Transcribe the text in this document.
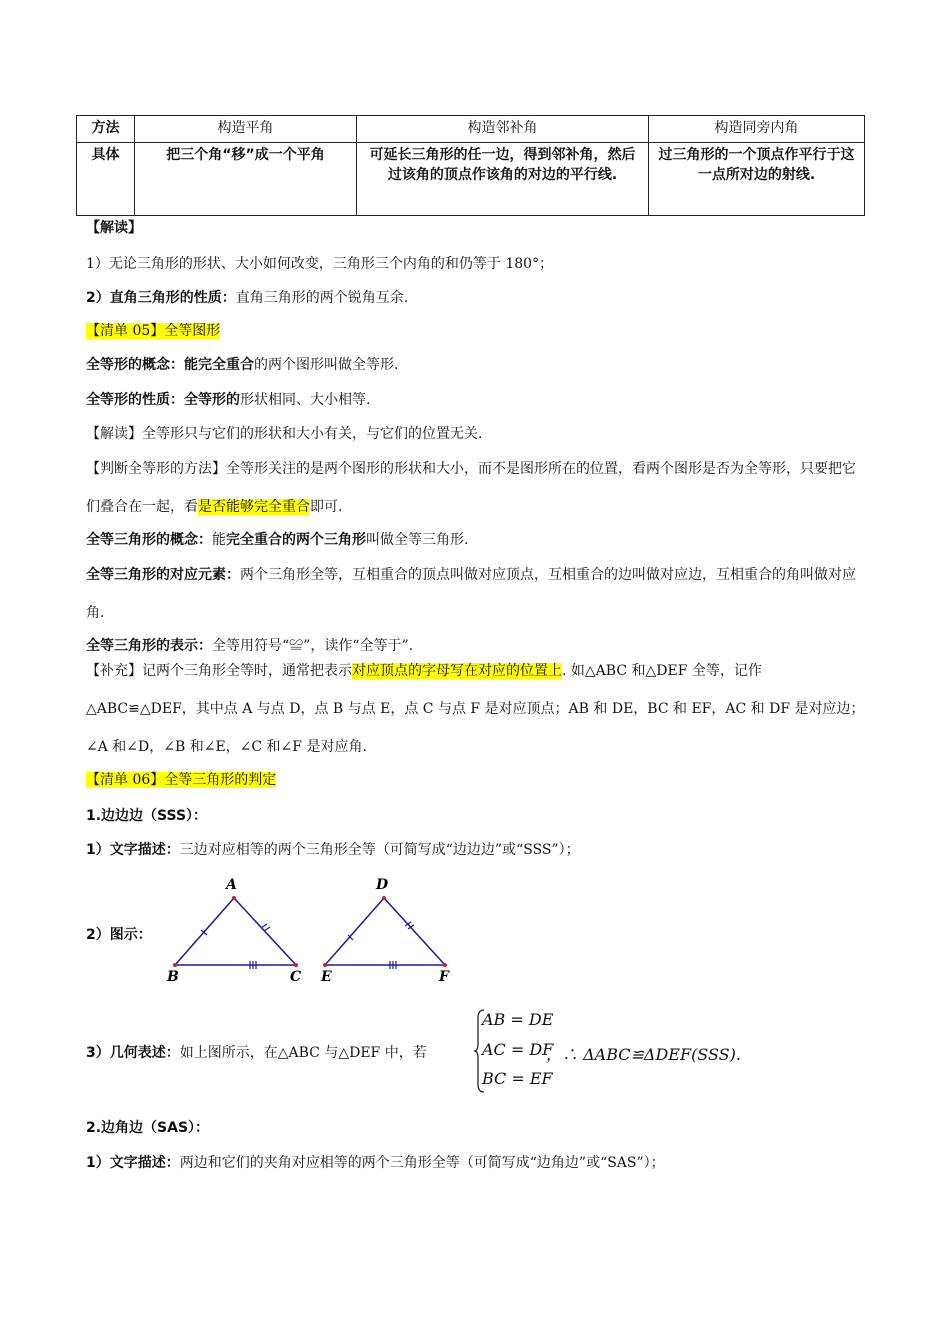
方法	构造平角	构造邻补角	构造同旁内角
具体	把三个角“移”成一个平角	可延长三角形的任一边，得到邻补角，然后过该角的顶点作该角的对边的平行线.	过三角形的一个顶点作平行于这一点所对边的射线.
【解读】
1）无论三角形的形状、大小如何改变，三角形三个内角的和仍等于 180°；
2）直角三角形的性质：直角三角形的两个锐角互余.
【清单 05】全等图形
全等形的概念：能完全重合的两个图形叫做全等形.
全等形的性质：全等形的形状相同、大小相等.
【解读】全等形只与它们的形状和大小有关，与它们的位置无关.
【判断全等形的方法】全等形关注的是两个图形的形状和大小，而不是图形所在的位置，看两个图形是否为全等形，只要把它们叠合在一起，看是否能够完全重合即可.
全等三角形的概念：能完全重合的两个三角形叫做全等三角形.
全等三角形的对应元素：两个三角形全等，互相重合的顶点叫做对应顶点，互相重合的边叫做对应边，互相重合的角叫做对应角.
全等三角形的表示：全等用符号“≌”，读作“全等于”.
【补充】记两个三角形全等时，通常把表示对应顶点的字母写在对应的位置上. 如△ABC 和△DEF 全等，记作△ABC≌△DEF，其中点 A 与点 D，点 B 与点 E，点 C 与点 F 是对应顶点；AB 和 DE，BC 和 EF，AC 和 DF 是对应边；∠A 和∠D，∠B 和∠E，∠C 和∠F 是对应角.
【清单 06】全等三角形的判定
1.边边边（SSS）：
1）文字描述：三边对应相等的两个三角形全等（可简写成“边边边”或“SSS”）；
2）图示：
A
B	C
D
E	F
3）几何表述：如上图所示，在△ABC 与△DEF 中，若
AB = DE
AC = DF
BC = EF
，∴ ΔABC≌ΔDEF(SSS).
2.边角边（SAS）：
1）文字描述：两边和它们的夹角对应相等的两个三角形全等（可简写成“边角边”或“SAS”）；
